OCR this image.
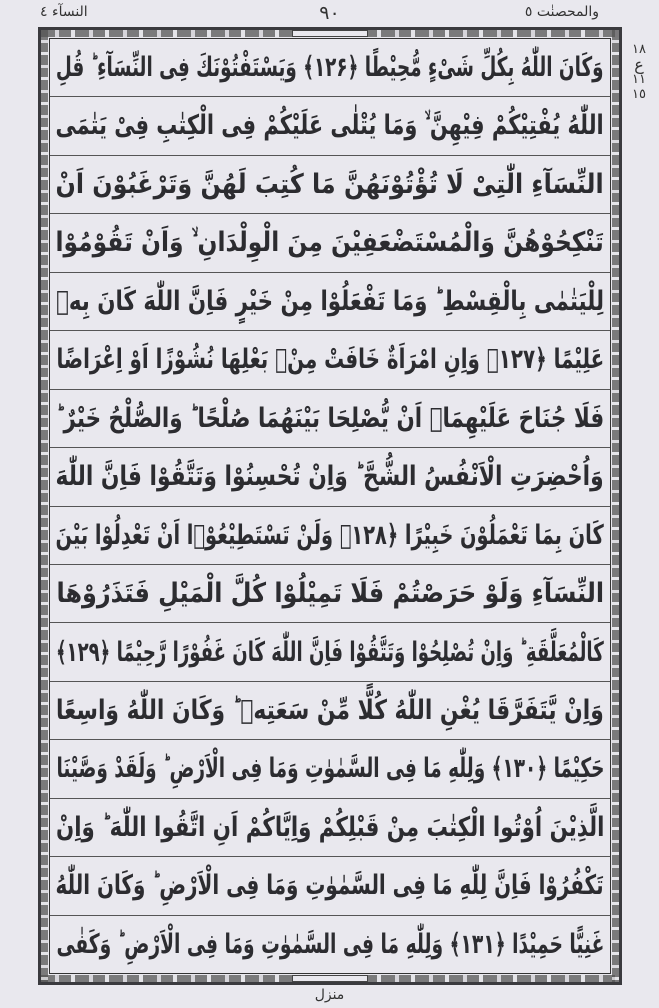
والمحصنٰت ٥
٩٠
النسآء ٤
وَكَانَ اللّٰهُ بِكُلِّ شَیْءٍ مُّحِیْطًا ﴿۱۲۶﴾ وَیَسْتَفْتُوْنَكَ فِی النِّسَآءِ ؕ قُلِ
اللّٰهُ یُفْتِیْكُمْ فِیْهِنَّ ۙ وَمَا یُتْلٰی عَلَیْكُمْ فِی الْكِتٰبِ فِیْ یَتٰمَی
النِّسَآءِ الّٰتِیْ لَا تُؤْتُوْنَهُنَّ مَا كُتِبَ لَهُنَّ وَتَرْغَبُوْنَ اَنْ
تَنْكِحُوْهُنَّ وَالْمُسْتَضْعَفِیْنَ مِنَ الْوِلْدَانِ ۙ وَاَنْ تَقُوْمُوْا
لِلْیَتٰمٰی بِالْقِسْطِ ؕ وَمَا تَفْعَلُوْا مِنْ خَیْرٍ فَاِنَّ اللّٰهَ كَانَ بِهٖ
عَلِیْمًا ﴿۱۲۷﴾ وَاِنِ امْرَاَةٌ خَافَتْ مِنْۢ بَعْلِهَا نُشُوْزًا اَوْ اِعْرَاضًا
فَلَا جُنَاحَ عَلَیْهِمَاۤ اَنْ یُّصْلِحَا بَیْنَهُمَا صُلْحًا ؕ وَالصُّلْحُ خَیْرٌ ؕ
وَاُحْضِرَتِ الْاَنْفُسُ الشُّحَّ ؕ وَاِنْ تُحْسِنُوْا وَتَتَّقُوْا فَاِنَّ اللّٰهَ
كَانَ بِمَا تَعْمَلُوْنَ خَبِیْرًا ﴿۱۲۸﴾ وَلَنْ تَسْتَطِیْعُوْۤا اَنْ تَعْدِلُوْا بَیْنَ
النِّسَآءِ وَلَوْ حَرَصْتُمْ فَلَا تَمِیْلُوْا كُلَّ الْمَیْلِ فَتَذَرُوْهَا
كَالْمُعَلَّقَةِ ؕ وَاِنْ تُصْلِحُوْا وَتَتَّقُوْا فَاِنَّ اللّٰهَ كَانَ غَفُوْرًا رَّحِیْمًا ﴿۱۲۹﴾
وَاِنْ یَّتَفَرَّقَا یُغْنِ اللّٰهُ كُلًّا مِّنْ سَعَتِهٖ ؕ وَكَانَ اللّٰهُ وَاسِعًا
حَكِیْمًا ﴿۱۳۰﴾ وَلِلّٰهِ مَا فِی السَّمٰوٰتِ وَمَا فِی الْاَرْضِ ؕ وَلَقَدْ وَصَّیْنَا
الَّذِیْنَ اُوْتُوا الْكِتٰبَ مِنْ قَبْلِكُمْ وَاِیَّاكُمْ اَنِ اتَّقُوا اللّٰهَ ؕ وَاِنْ
تَكْفُرُوْا فَاِنَّ لِلّٰهِ مَا فِی السَّمٰوٰتِ وَمَا فِی الْاَرْضِ ؕ وَكَانَ اللّٰهُ
غَنِیًّا حَمِیْدًا ﴿۱۳۱﴾ وَلِلّٰهِ مَا فِی السَّمٰوٰتِ وَمَا فِی الْاَرْضِ ؕ وَكَفٰی
١٨
ع
١١
١٥
منزل
